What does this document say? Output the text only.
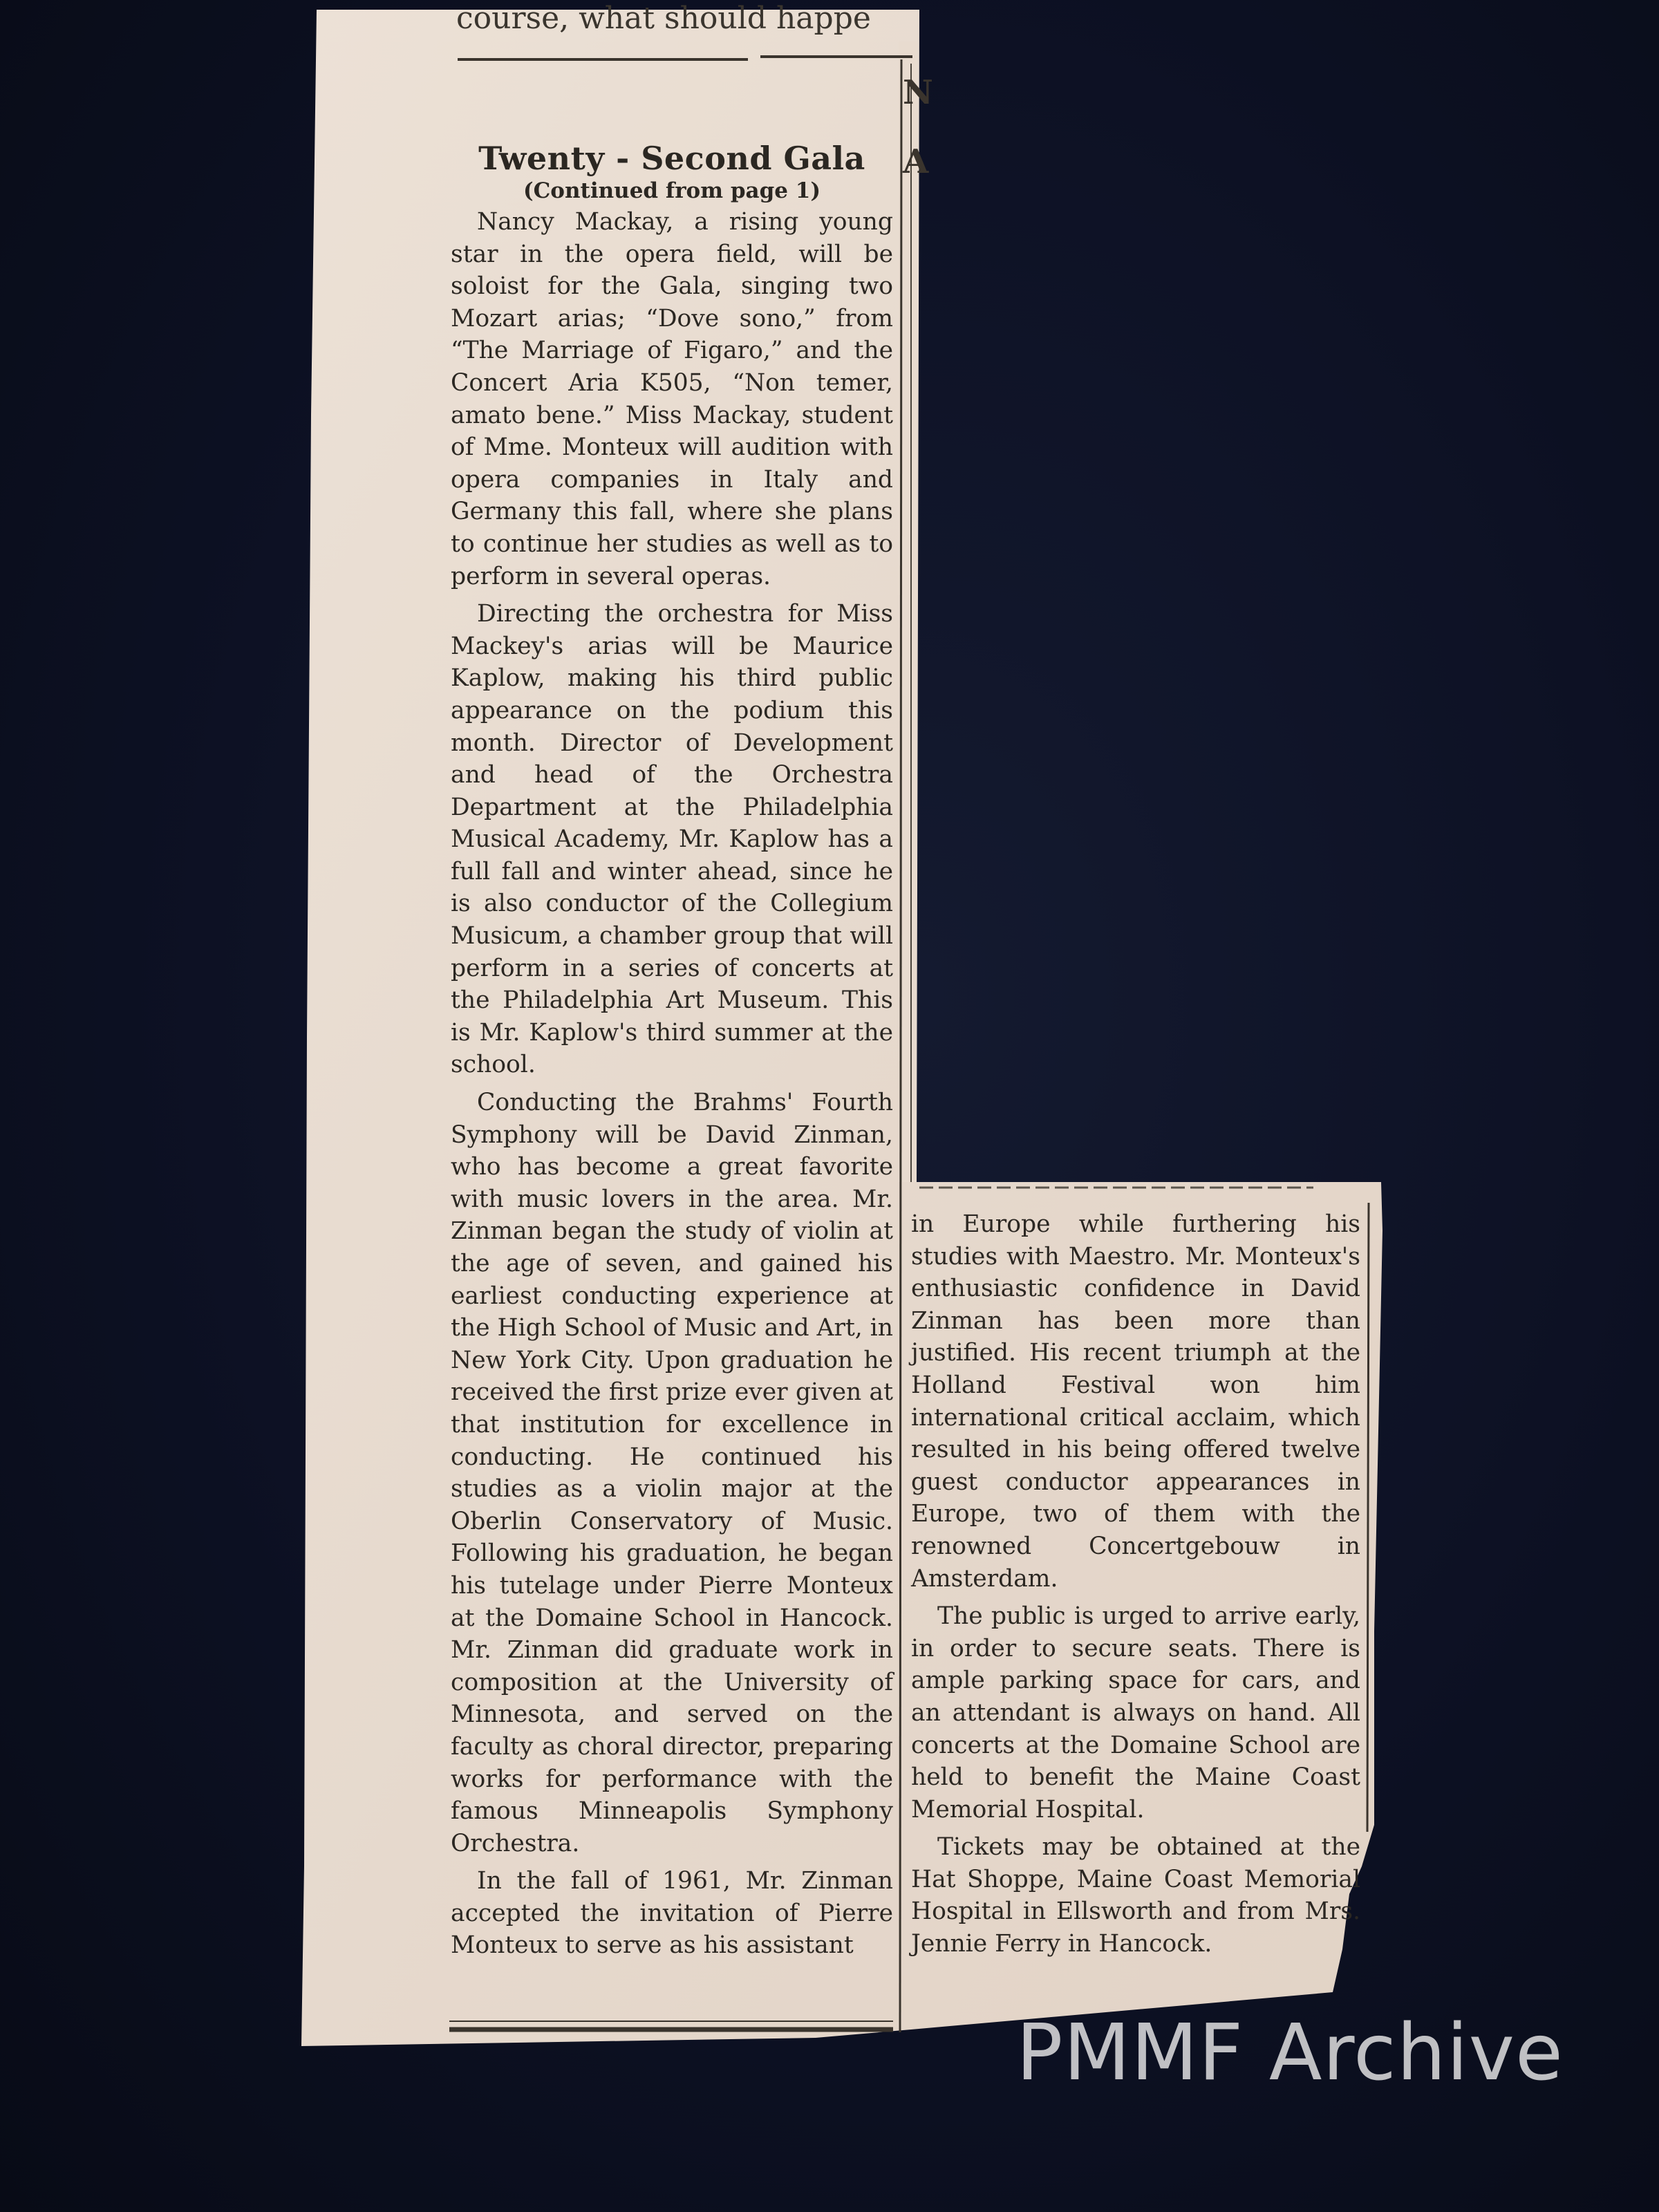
N
A
course, what should happe
Twenty - Second Gala
(Continued from page 1)

Nancy Mackay, a rising young star in the opera field, will be soloist for the Gala, singing two Mozart arias; “Dove sono,” from “The Marriage of Figaro,” and the Concert Aria K505, “Non temer, amato bene.” Miss Mackay, student of Mme. Monteux will audition with opera companies in Italy and Germany this fall, where she plans to continue her studies as well as to perform in several operas.

Directing the orchestra for Miss Mackey's arias will be Maurice Kaplow, making his third public appearance on the podium this month. Director of Development and head of the Orchestra Department at the Philadelphia Musical Academy, Mr. Kaplow has a full fall and winter ahead, since he is also conductor of the Collegium Musicum, a chamber group that will perform in a series of concerts at the Philadelphia Art Museum. This is Mr. Kaplow's third summer at the school.

Conducting the Brahms' Fourth Symphony will be David Zinman, who has become a great favorite with music lovers in the area. Mr. Zinman began the study of violin at the age of seven, and gained his earliest conducting experience at the High School of Music and Art, in New York City. Upon graduation he received the first prize ever given at that institution for excellence in conducting. He continued his studies as a violin major at the Oberlin Conservatory of Music. Following his graduation, he began his tutelage under Pierre Monteux at the Domaine School in Hancock. Mr. Zinman did graduate work in composition at the University of Minnesota, and served on the faculty as choral director, preparing works for performance with the famous Minneapolis Symphony Orchestra.

In the fall of 1961, Mr. Zinman accepted the invitation of Pierre Monteux to serve as his assistant

in Europe while furthering his studies with Maestro. Mr. Monteux's enthusiastic confidence in David Zinman has been more than justified. His recent triumph at the Holland Festival won him international critical acclaim, which resulted in his being offered twelve guest conductor appearances in Europe, two of them with the renowned Concertgebouw in Amsterdam.

The public is urged to arrive early, in order to secure seats. There is ample parking space for cars, and an attendant is always on hand. All concerts at the Domaine School are held to benefit the Maine Coast Memorial Hospital.

Tickets may be obtained at the Hat Shoppe, Maine Coast Memorial Hospital in Ellsworth and from Mrs. Jennie Ferry in Hancock.

PMMF Archive
